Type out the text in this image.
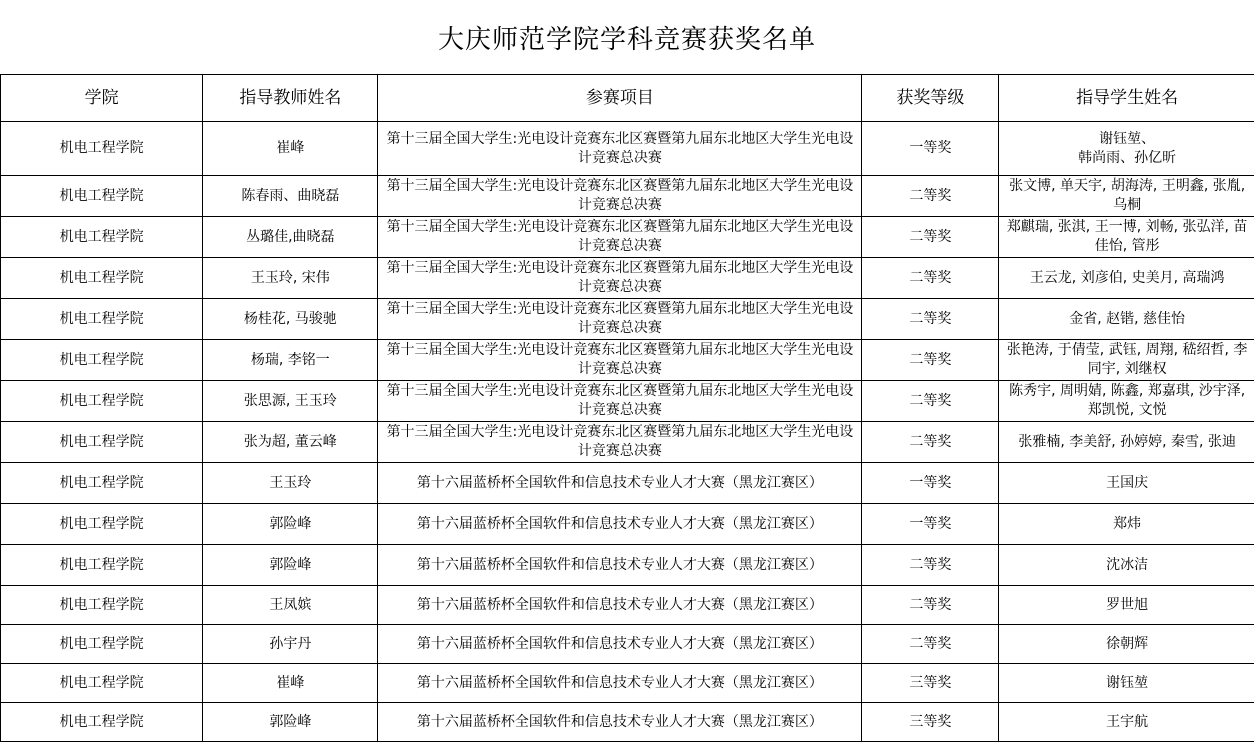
大庆师范学院学科竞赛获奖名单
学院	指导教师姓名	参赛项目	获奖等级	指导学生姓名
机电工程学院	崔峰	第十三届全国大学生:光电设计竞赛东北区赛暨第九届东北地区大学生光电设计竞赛总决赛	一等奖	谢钰堃、
韩尚雨、孙亿昕
机电工程学院	陈春雨、曲晓磊	第十三届全国大学生:光电设计竞赛东北区赛暨第九届东北地区大学生光电设计竞赛总决赛	二等奖	张文博, 单天宇, 胡海涛, 王明鑫, 张胤, 乌桐
机电工程学院	丛璐佳,曲晓磊	第十三届全国大学生:光电设计竞赛东北区赛暨第九届东北地区大学生光电设计竞赛总决赛	二等奖	郑麒瑞, 张淇, 王一博, 刘畅, 张弘洋, 苗佳怡, 管彤
机电工程学院	王玉玲, 宋伟	第十三届全国大学生:光电设计竞赛东北区赛暨第九届东北地区大学生光电设计竞赛总决赛	二等奖	王云龙, 刘彦伯, 史美月, 高瑞鸿
机电工程学院	杨桂花, 马骏驰	第十三届全国大学生:光电设计竞赛东北区赛暨第九届东北地区大学生光电设计竞赛总决赛	二等奖	金省, 赵锴, 慈佳怡
机电工程学院	杨瑞, 李铭一	第十三届全国大学生:光电设计竞赛东北区赛暨第九届东北地区大学生光电设计竞赛总决赛	二等奖	张艳涛, 于倩莹, 武钰, 周翔, 嵇绍哲, 李同宇, 刘继权
机电工程学院	张思源, 王玉玲	第十三届全国大学生:光电设计竞赛东北区赛暨第九届东北地区大学生光电设计竞赛总决赛	二等奖	陈秀宇, 周明婧, 陈鑫, 郑嘉琪, 沙宇泽, 郑凯悦, 文悦
机电工程学院	张为超, 董云峰	第十三届全国大学生:光电设计竞赛东北区赛暨第九届东北地区大学生光电设计竞赛总决赛	二等奖	张雅楠, 李美舒, 孙婷婷, 秦雪, 张迪
机电工程学院	王玉玲	第十六届蓝桥杯全国软件和信息技术专业人才大赛（黑龙江赛区）	一等奖	王国庆
机电工程学院	郭险峰	第十六届蓝桥杯全国软件和信息技术专业人才大赛（黑龙江赛区）	一等奖	郑炜
机电工程学院	郭险峰	第十六届蓝桥杯全国软件和信息技术专业人才大赛（黑龙江赛区）	二等奖	沈冰洁
机电工程学院	王凤嫔	第十六届蓝桥杯全国软件和信息技术专业人才大赛（黑龙江赛区）	二等奖	罗世旭
机电工程学院	孙宇丹	第十六届蓝桥杯全国软件和信息技术专业人才大赛（黑龙江赛区）	二等奖	徐朝辉
机电工程学院	崔峰	第十六届蓝桥杯全国软件和信息技术专业人才大赛（黑龙江赛区）	三等奖	谢钰堃
机电工程学院	郭险峰	第十六届蓝桥杯全国软件和信息技术专业人才大赛（黑龙江赛区）	三等奖	王宇航
